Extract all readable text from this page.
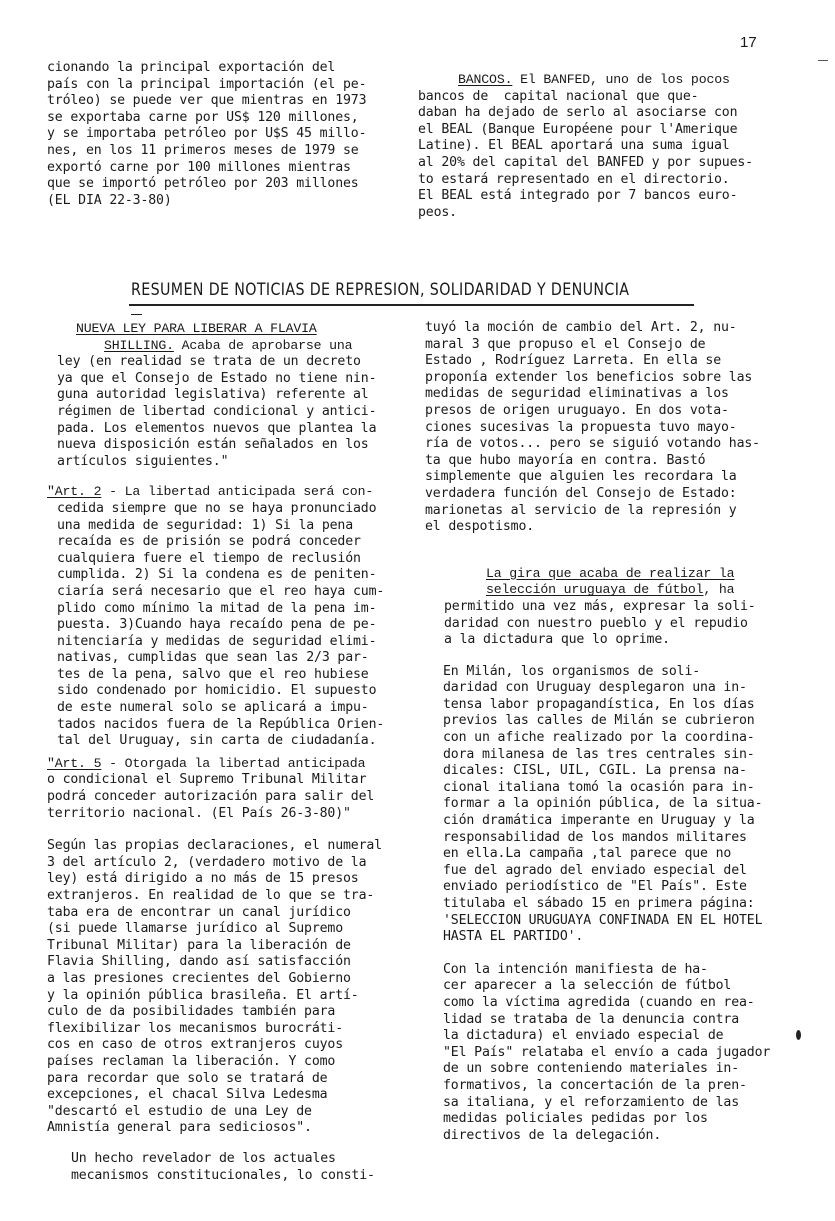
17
cionando la principal exportación del
país con la principal importación (el pe-
tróleo) se puede ver que mientras en 1973
se exportaba carne por US$ 120 millones,
y se importaba petróleo por U$S 45 millo-
nes, en los 11 primeros meses de 1979 se
exportó carne por 100 millones mientras
que se importó petróleo por 203 millones
(EL DIA 22-3-80)
BANCOS. El BANFED, uno de los pocos
bancos de  capital nacional que que-
daban ha dejado de serlo al asociarse con
el BEAL (Banque Européene pour l'Amerique
Latine). El BEAL aportará una suma igual
al 20% del capital del BANFED y por supues-
to estará representado en el directorio.
El BEAL está integrado por 7 bancos euro-
peos.
RESUMEN DE NOTICIAS DE REPRESION, SOLIDARIDAD Y DENUNCIA
NUEVA LEY PARA LIBERAR A FLAVIA
SHILLING. Acaba de aprobarse una
ley (en realidad se trata de un decreto
ya que el Consejo de Estado no tiene nin-
guna autoridad legislativa) referente al
régimen de libertad condicional y antici-
pada. Los elementos nuevos que plantea la
nueva disposición están señalados en los
artículos siguientes."
"Art. 2 - La libertad anticipada será con-
cedida siempre que no se haya pronunciado
una medida de seguridad: 1) Si la pena
recaída es de prisión se podrá conceder
cualquiera fuere el tiempo de reclusión
cumplida. 2) Si la condena es de peniten-
ciaría será necesario que el reo haya cum-
plido como mínimo la mitad de la pena im-
puesta. 3)Cuando haya recaído pena de pe-
nitenciaría y medidas de seguridad elimi-
nativas, cumplidas que sean las 2/3 par-
tes de la pena, salvo que el reo hubiese
sido condenado por homicidio. El supuesto
de este numeral solo se aplicará a impu-
tados nacidos fuera de la República Orien-
tal del Uruguay, sin carta de ciudadanía.
"Art. 5 - Otorgada la libertad anticipada
o condicional el Supremo Tribunal Militar
podrá conceder autorización para salir del
territorio nacional. (El País 26-3-80)"
Según las propias declaraciones, el numeral
3 del artículo 2, (verdadero motivo de la
ley) está dirigido a no más de 15 presos
extranjeros. En realidad de lo que se tra-
taba era de encontrar un canal jurídico
(si puede llamarse jurídico al Supremo
Tribunal Militar) para la liberación de
Flavia Shilling, dando así satisfacción
a las presiones crecientes del Gobierno
y la opinión pública brasileña. El artí-
culo de da posibilidades también para
flexibilizar los mecanismos burocráti-
cos en caso de otros extranjeros cuyos
países reclaman la liberación. Y como
para recordar que solo se tratará de
excepciones, el chacal Silva Ledesma
"descartó el estudio de una Ley de
Amnistía general para sediciosos".
Un hecho revelador de los actuales
mecanismos constitucionales, lo consti-
tuyó la moción de cambio del Art. 2, nu-
maral 3 que propuso el el Consejo de
Estado , Rodríguez Larreta. En ella se
proponía extender los beneficios sobre las
medidas de seguridad eliminativas a los
presos de origen uruguayo. En dos vota-
ciones sucesivas la propuesta tuvo mayo-
ría de votos... pero se siguió votando has-
ta que hubo mayoría en contra. Bastó
simplemente que alguien les recordara la
verdadera función del Consejo de Estado:
marionetas al servicio de la represión y
el despotismo.
La gira que acaba de realizar la
selección uruguaya de fútbol, ha
permitido una vez más, expresar la soli-
daridad con nuestro pueblo y el repudio
a la dictadura que lo oprime.
En Milán, los organismos de soli-
daridad con Uruguay desplegaron una in-
tensa labor propagandística, En los días
previos las calles de Milán se cubrieron
con un afiche realizado por la coordina-
dora milanesa de las tres centrales sin-
dicales: CISL, UIL, CGIL. La prensa na-
cional italiana tomó la ocasión para in-
formar a la opinión pública, de la situa-
ción dramática imperante en Uruguay y la
responsabilidad de los mandos militares
en ella.La campaña ,tal parece que no
fue del agrado del enviado especial del
enviado periodístico de "El País". Este
titulaba el sábado 15 en primera página:
'SELECCION URUGUAYA CONFINADA EN EL HOTEL
HASTA EL PARTIDO'.
Con la intención manifiesta de ha-
cer aparecer a la selección de fútbol
como la víctima agredida (cuando en rea-
lidad se trataba de la denuncia contra
la dictadura) el enviado especial de
"El País" relataba el envío a cada jugador
de un sobre conteniendo materiales in-
formativos, la concertación de la pren-
sa italiana, y el reforzamiento de las
medidas policiales pedidas por los
directivos de la delegación.
